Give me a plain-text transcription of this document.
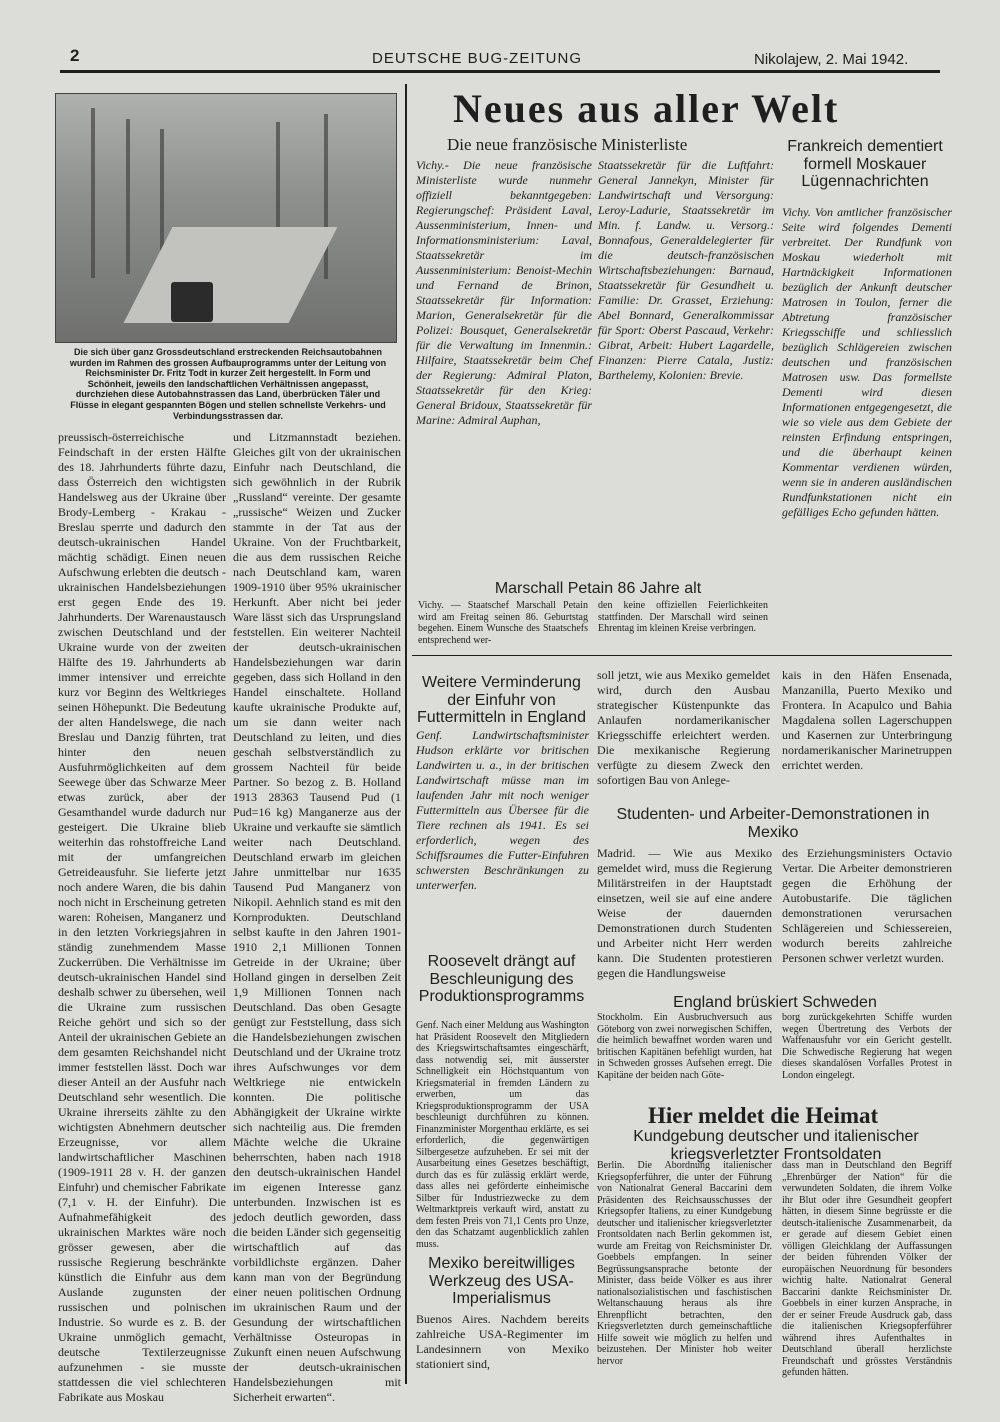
2	DEUTSCHE BUG-ZEITUNG	Nikolajew, 2. Mai 1942.
Die sich über ganz Grossdeutschland erstreckenden Reichsautobahnen wurden im Rahmen des grossen Aufbauprogramms unter der Leitung von Reichsminister Dr. Fritz Todt in kurzer Zeit hergestellt. In Form und Schönheit, jeweils den landschaftlichen Verhältnissen angepasst, durchziehen diese Autobahnstrassen das Land, überbrücken Täler und Flüsse in elegant gespannten Bögen und stellen schnellste Verkehrs- und Verbindungsstrassen dar.

preussisch-österreichische Feindschaft in der ersten Hälfte des 18. Jahrhunderts führte dazu, dass Österreich den wichtigsten Handelsweg aus der Ukraine über Brody-Lemberg - Krakau - Breslau sperrte und dadurch den deutsch-ukrainischen Handel mächtig schädigt. Einen neuen Aufschwung erlebten die deutsch - ukrainischen Handelsbeziehungen erst gegen Ende des 19. Jahrhunderts. Der Warenaustausch zwischen Deutschland und der Ukraine wurde von der zweiten Hälfte des 19. Jahrhunderts ab immer intensiver und erreichte kurz vor Beginn des Weltkrieges seinen Höhepunkt. Die Bedeutung der alten Handelswege, die nach Breslau und Danzig führten, trat hinter den neuen Ausfuhrmöglichkeiten auf dem Seewege über das Schwarze Meer etwas zurück, aber der Gesamthandel wurde dadurch nur gesteigert. Die Ukraine blieb weiterhin das rohstoffreiche Land mit der umfangreichen Getreideausfuhr. Sie lieferte jetzt noch andere Waren, die bis dahin noch nicht in Erscheinung getreten waren: Roheisen, Manganerz und in den letzten Vorkriegsjahren in ständig zunehmendem Masse Zuckerrüben. Die Verhältnisse im deutsch-ukrainischen Handel sind deshalb schwer zu übersehen, weil die Ukraine zum russischen Reiche gehört und sich so der Anteil der ukrainischen Gebiete an dem gesamten Reichshandel nicht immer feststellen lässt. Doch war dieser Anteil an der Ausfuhr nach Deutschland sehr wesentlich. Die Ukraine ihrerseits zählte zu den wichtigsten Abnehmern deutscher Erzeugnisse, vor allem landwirtschaftlicher Maschinen (1909-1911 28 v. H. der ganzen Einfuhr) und chemischer Fabrikate (7,1 v. H. der Einfuhr). Die Aufnahmefähigkeit des ukrainischen Marktes wäre noch grösser gewesen, aber die russische Regierung beschränkte künstlich die Einfuhr aus dem Auslande zugunsten der russischen und polnischen Industrie. So wurde es z. B. der Ukraine unmöglich gemacht, deutsche Textilerzeugnisse aufzunehmen - sie musste stattdessen die viel schlechteren Fabrikate aus Moskau

und Litzmannstadt beziehen. Gleiches gilt von der ukrainischen Einfuhr nach Deutschland, die sich gewöhnlich in der Rubrik „Russland“ vereinte. Der gesamte „russische“ Weizen und Zucker stammte in der Tat aus der Ukraine. Von der Fruchtbarkeit, die aus dem russischen Reiche nach Deutschland kam, waren 1909-1910 über 95% ukrainischer Herkunft. Aber nicht bei jeder Ware lässt sich das Ursprungsland feststellen. Ein weiterer Nachteil der deutsch-ukrainischen Handelsbeziehungen war darin gegeben, dass sich Holland in den Handel einschaltete. Holland kaufte ukrainische Produkte auf, um sie dann weiter nach Deutschland zu leiten, und dies geschah selbstverständlich zu grossem Nachteil für beide Partner. So bezog z. B. Holland 1913 28363 Tausend Pud (1 Pud=16 kg) Manganerze aus der Ukraine und verkaufte sie sämtlich weiter nach Deutschland. Deutschland erwarb im gleichen Jahre unmittelbar nur 1635 Tausend Pud Manganerz von Nikopil. Aehnlich stand es mit den Kornprodukten. Deutschland selbst kaufte in den Jahren 1901-1910 2,1 Millionen Tonnen Getreide in der Ukraine; über Holland gingen in derselben Zeit 1,9 Millionen Tonnen nach Deutschland. Das oben Gesagte genügt zur Feststellung, dass sich die Handelsbeziehungen zwischen Deutschland und der Ukraine trotz ihres Aufschwunges vor dem Weltkriege nie entwickeln konnten. Die politische Abhängigkeit der Ukraine wirkte sich nachteilig aus. Die fremden Mächte welche die Ukraine beherrschten, haben nach 1918 den deutsch-ukrainischen Handel im eigenen Interesse ganz unterbunden. Inzwischen ist es jedoch deutlich geworden, dass die beiden Länder sich gegenseitig wirtschaftlich auf das vorbildlichste ergänzen. Daher kann man von der Begründung einer neuen politischen Ordnung im ukrainischen Raum und der Gesundung der wirtschaftlichen Verhältnisse Osteuropas in Zukunft einen neuen Aufschwung der deutsch-ukrainischen Handelsbeziehungen mit Sicherheit erwarten“.

Neues aus aller Welt
Die neue französische Ministerliste
Vichy.- Die neue französische Ministerliste wurde nunmehr offiziell bekanntgegeben: Regierungschef: Präsident Laval, Aussenministerium, Innen- und Informationsministerium: Laval, Staatssekretär im Aussenministerium: Benoist-Mechin und Fernand de Brinon, Staatssekretär für Information: Marion, Generalsekretär für die Polizei: Bousquet, Generalsekretär für die Verwaltung im Innenmin.: Hilfaire, Staatssekretär beim Chef der Regierung: Admiral Platon, Staatssekretär für den Krieg: General Bridoux, Staatssekretär für Marine: Admiral Auphan,
Staatssekretär für die Luftfahrt: General Jannekyn, Minister für Landwirtschaft und Versorgung: Leroy-Ladurie, Staatssekretär im Min. f. Landw. u. Versorg.: Bonnafous, Generaldelegierter für die deutsch-französischen Wirtschaftsbeziehungen: Barnaud, Staatssekretär für Gesundheit u. Familie: Dr. Grasset, Erziehung: Abel Bonnard, Generalkommissar für Sport: Oberst Pascaud, Verkehr: Gibrat, Arbeit: Hubert Lagardelle, Finanzen: Pierre Catala, Justiz: Barthelemy, Kolonien: Brevie.
Marschall Petain 86 Jahre alt
Vichy. — Staatschef Marschall Petain wird am Freitag seinen 86. Geburtstag begehen. Einem Wunsche des Staatschefs entsprechend wer-
den keine offiziellen Feierlichkeiten stattfinden. Der Marschall wird seinen Ehrentag im kleinen Kreise verbringen.
Frankreich dementiert formell Moskauer Lügennachrichten
Vichy. Von amtlicher französischer Seite wird folgendes Dementi verbreitet. Der Rundfunk von Moskau wiederholt mit Hartnäckigkeit Informationen bezüglich der Ankunft deutscher Matrosen in Toulon, ferner die Abtretung französischer Kriegsschiffe und schliesslich bezüglich Schlägereien zwischen deutschen und französischen Matrosen usw. Das formellste Dementi wird diesen Informationen entgegengesetzt, die wie so viele aus dem Gebiete der reinsten Erfindung entspringen, und die überhaupt keinen Kommentar verdienen würden, wenn sie in anderen ausländischen Rundfunkstationen nicht ein gefälliges Echo gefunden hätten.
Weitere Verminderung der Einfuhr von Futtermitteln in England
Genf. Landwirtschaftsminister Hudson erklärte vor britischen Landwirten u. a., in der britischen Landwirtschaft müsse man im laufenden Jahr mit noch weniger Futtermitteln aus Übersee für die Tiere rechnen als 1941. Es sei erforderlich, wegen des Schiffsraumes die Futter-Einfuhren schwersten Beschränkungen zu unterwerfen.
Roosevelt drängt auf Beschleunigung des Produktionsprogramms
Genf. Nach einer Meldung aus Washington hat Präsident Roosevelt den Mitgliedern des Kriegswirtschaftsamtes eingeschärft, dass notwendig sei, mit äusserster Schnelligkeit ein Höchstquantum von Kriegsmaterial in fremden Ländern zu erwerben, um das Kriegsproduktionsprogramm der USA beschleunigt durchführen zu können. Finanzminister Morgenthau erklärte, es sei erforderlich, die gegenwärtigen Silbergesetze aufzuheben. Er sei mit der Ausarbeitung eines Gesetzes beschäftigt, durch das es für zulässig erklärt werde, dass alles nei geförderte einheimische Silber für Industriezwecke zu dem Weltmarktpreis verkauft wird, anstatt zu dem festen Preis von 71,1 Cents pro Unze, den das Schatzamt augenblicklich zahlen muss.
Mexiko bereitwilliges Werkzeug des USA-Imperialismus
Buenos Aires. Nachdem bereits zahlreiche USA-Regimenter im Landesinnern von Mexiko stationiert sind,
soll jetzt, wie aus Mexiko gemeldet wird, durch den Ausbau strategischer Küstenpunkte das Anlaufen nordamerikanischer Kriegsschiffe erleichtert werden. Die mexikanische Regierung verfügte zu diesem Zweck den sofortigen Bau von Anlege-
kais in den Häfen Ensenada, Manzanilla, Puerto Mexiko und Frontera. In Acapulco und Bahia Magdalena sollen Lagerschuppen und Kasernen zur Unterbringung nordamerikanischer Marinetruppen errichtet werden.
Studenten- und Arbeiter-Demonstrationen in Mexiko
Madrid. — Wie aus Mexiko gemeldet wird, muss die Regierung Militärstreifen in der Hauptstadt einsetzen, weil sie auf eine andere Weise der dauernden Demonstrationen durch Studenten und Arbeiter nicht Herr werden kann. Die Studenten protestieren gegen die Handlungsweise
des Erziehungsministers Octavio Vertar. Die Arbeiter demonstrieren gegen die Erhöhung der Autobustarife. Die täglichen demonstrationen verursachen Schlägereien und Schiessereien, wodurch bereits zahlreiche Personen schwer verletzt wurden.
England brüskiert Schweden
Stockholm. Ein Ausbruchversuch aus Göteborg von zwei norwegischen Schiffen, die heimlich bewaffnet worden waren und britischen Kapitänen befehligt wurden, hat in Schweden grosses Aufsehen erregt. Die Kapitäne der beiden nach Göte-
borg zurückgekehrten Schiffe wurden wegen Übertretung des Verbots der Waffenausfuhr vor ein Gericht gestellt. Die Schwedische Regierung hat wegen dieses skandalösen Vorfalles Protest in London eingelegt.
Hier meldet die Heimat
Kundgebung deutscher und italienischer kriegsverletzter Frontsoldaten
Berlin. Die Abordnung italienischer Kriegsopferführer, die unter der Führung von Nationalrat General Baccarini dem Präsidenten des Reichsausschusses der Kriegsopfer Italiens, zu einer Kundgebung deutscher und italienischer kriegsverletzter Frontsoldaten nach Berlin gekommen ist, wurde am Freitag von Reichsminister Dr. Goebbels empfangen. In seiner Begrüssungsansprache betonte der Minister, dass beide Völker es aus ihrer nationalsozialistischen und faschistischen Weltanschauung heraus als ihre Ehrenpflicht betrachten, den Kriegsverletzten durch gemeinschaftliche Hilfe soweit wie möglich zu helfen und beizustehen. Der Minister hob weiter hervor
dass man in Deutschland den Begriff „Ehrenbürger der Nation“ für die verwundeten Soldaten, die ihrem Volke ihr Blut oder ihre Gesundheit geopfert hätten, in diesem Sinne begrüsste er die deutsch-italienische Zusammenarbeit, da er gerade auf diesem Gebiet einen völligen Gleichklang der Auffassungen der beiden führenden Völker der europäischen Neuordnung für besonders wichtig halte. Nationalrat General Baccarini dankte Reichsminister Dr. Goebbels in einer kurzen Ansprache, in der er seiner Freude Ausdruck gab, dass die italienischen Kriegsopferführer während ihres Aufenthaltes in Deutschland überall herzlichste Freundschaft und grösstes Verständnis gefunden hätten.
